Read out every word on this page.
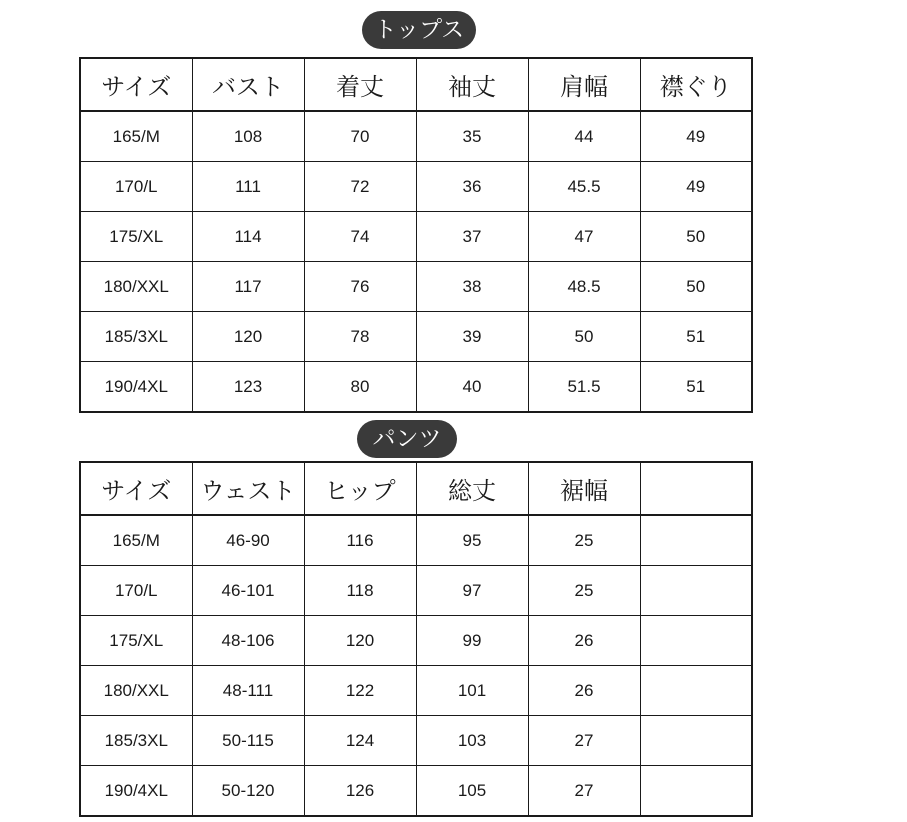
トップス
サイズ	バスト	着丈	袖丈	肩幅	襟ぐり
165/M	108	70	35	44	49
170/L	111	72	36	45.5	49
175/XL	114	74	37	47	50
180/XXL	117	76	38	48.5	50
185/3XL	120	78	39	50	51
190/4XL	123	80	40	51.5	51
パンツ
サイズ	ウェスト	ヒップ	総丈	裾幅	
165/M	46-90	116	95	25	
170/L	46-101	118	97	25	
175/XL	48-106	120	99	26	
180/XXL	48-111	122	101	26	
185/3XL	50-115	124	103	27	
190/4XL	50-120	126	105	27	
